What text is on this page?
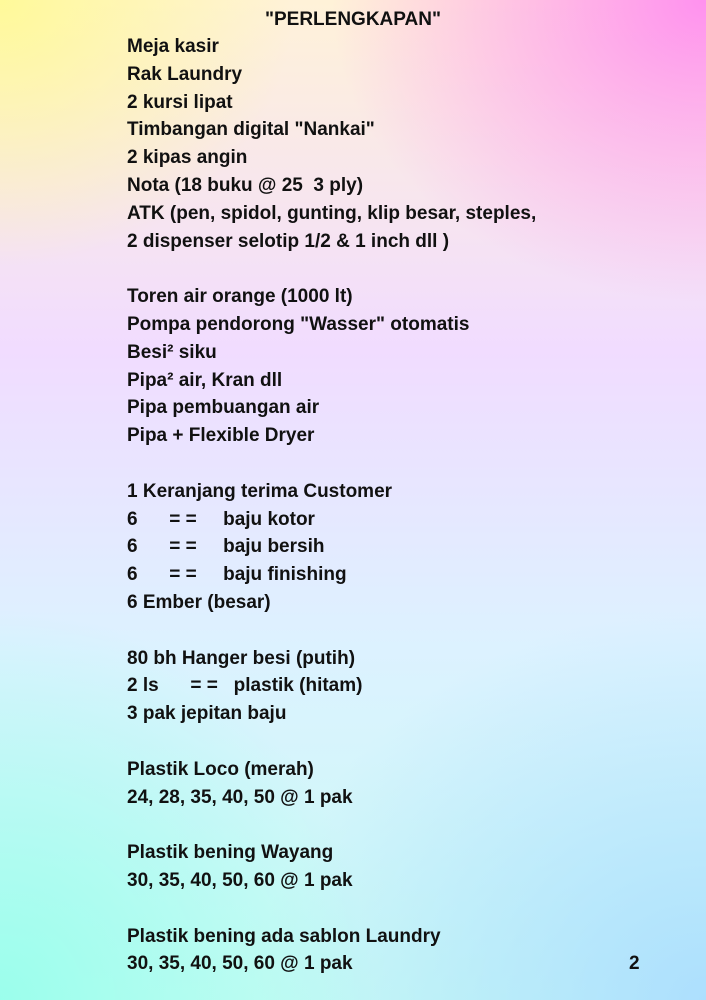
"PERLENGKAPAN"
Meja kasir
Rak Laundry
2 kursi lipat
Timbangan digital "Nankai"
2 kipas angin
Nota (18 buku @ 25  3 ply)
ATK (pen, spidol, gunting, klip besar, steples,
2 dispenser selotip 1/2 & 1 inch dll )
Toren air orange (1000 lt)
Pompa pendorong "Wasser" otomatis
Besi² siku
Pipa² air, Kran dll
Pipa pembuangan air
Pipa + Flexible Dryer
1 Keranjang terima Customer
6      = =     baju kotor
6      = =     baju bersih
6      = =     baju finishing
6 Ember (besar)
80 bh Hanger besi (putih)
2 ls      = =   plastik (hitam)
3 pak jepitan baju
Plastik Loco (merah)
24, 28, 35, 40, 50 @ 1 pak
Plastik bening Wayang
30, 35, 40, 50, 60 @ 1 pak
Plastik bening ada sablon Laundry
30, 35, 40, 50, 60 @ 1 pak	2
